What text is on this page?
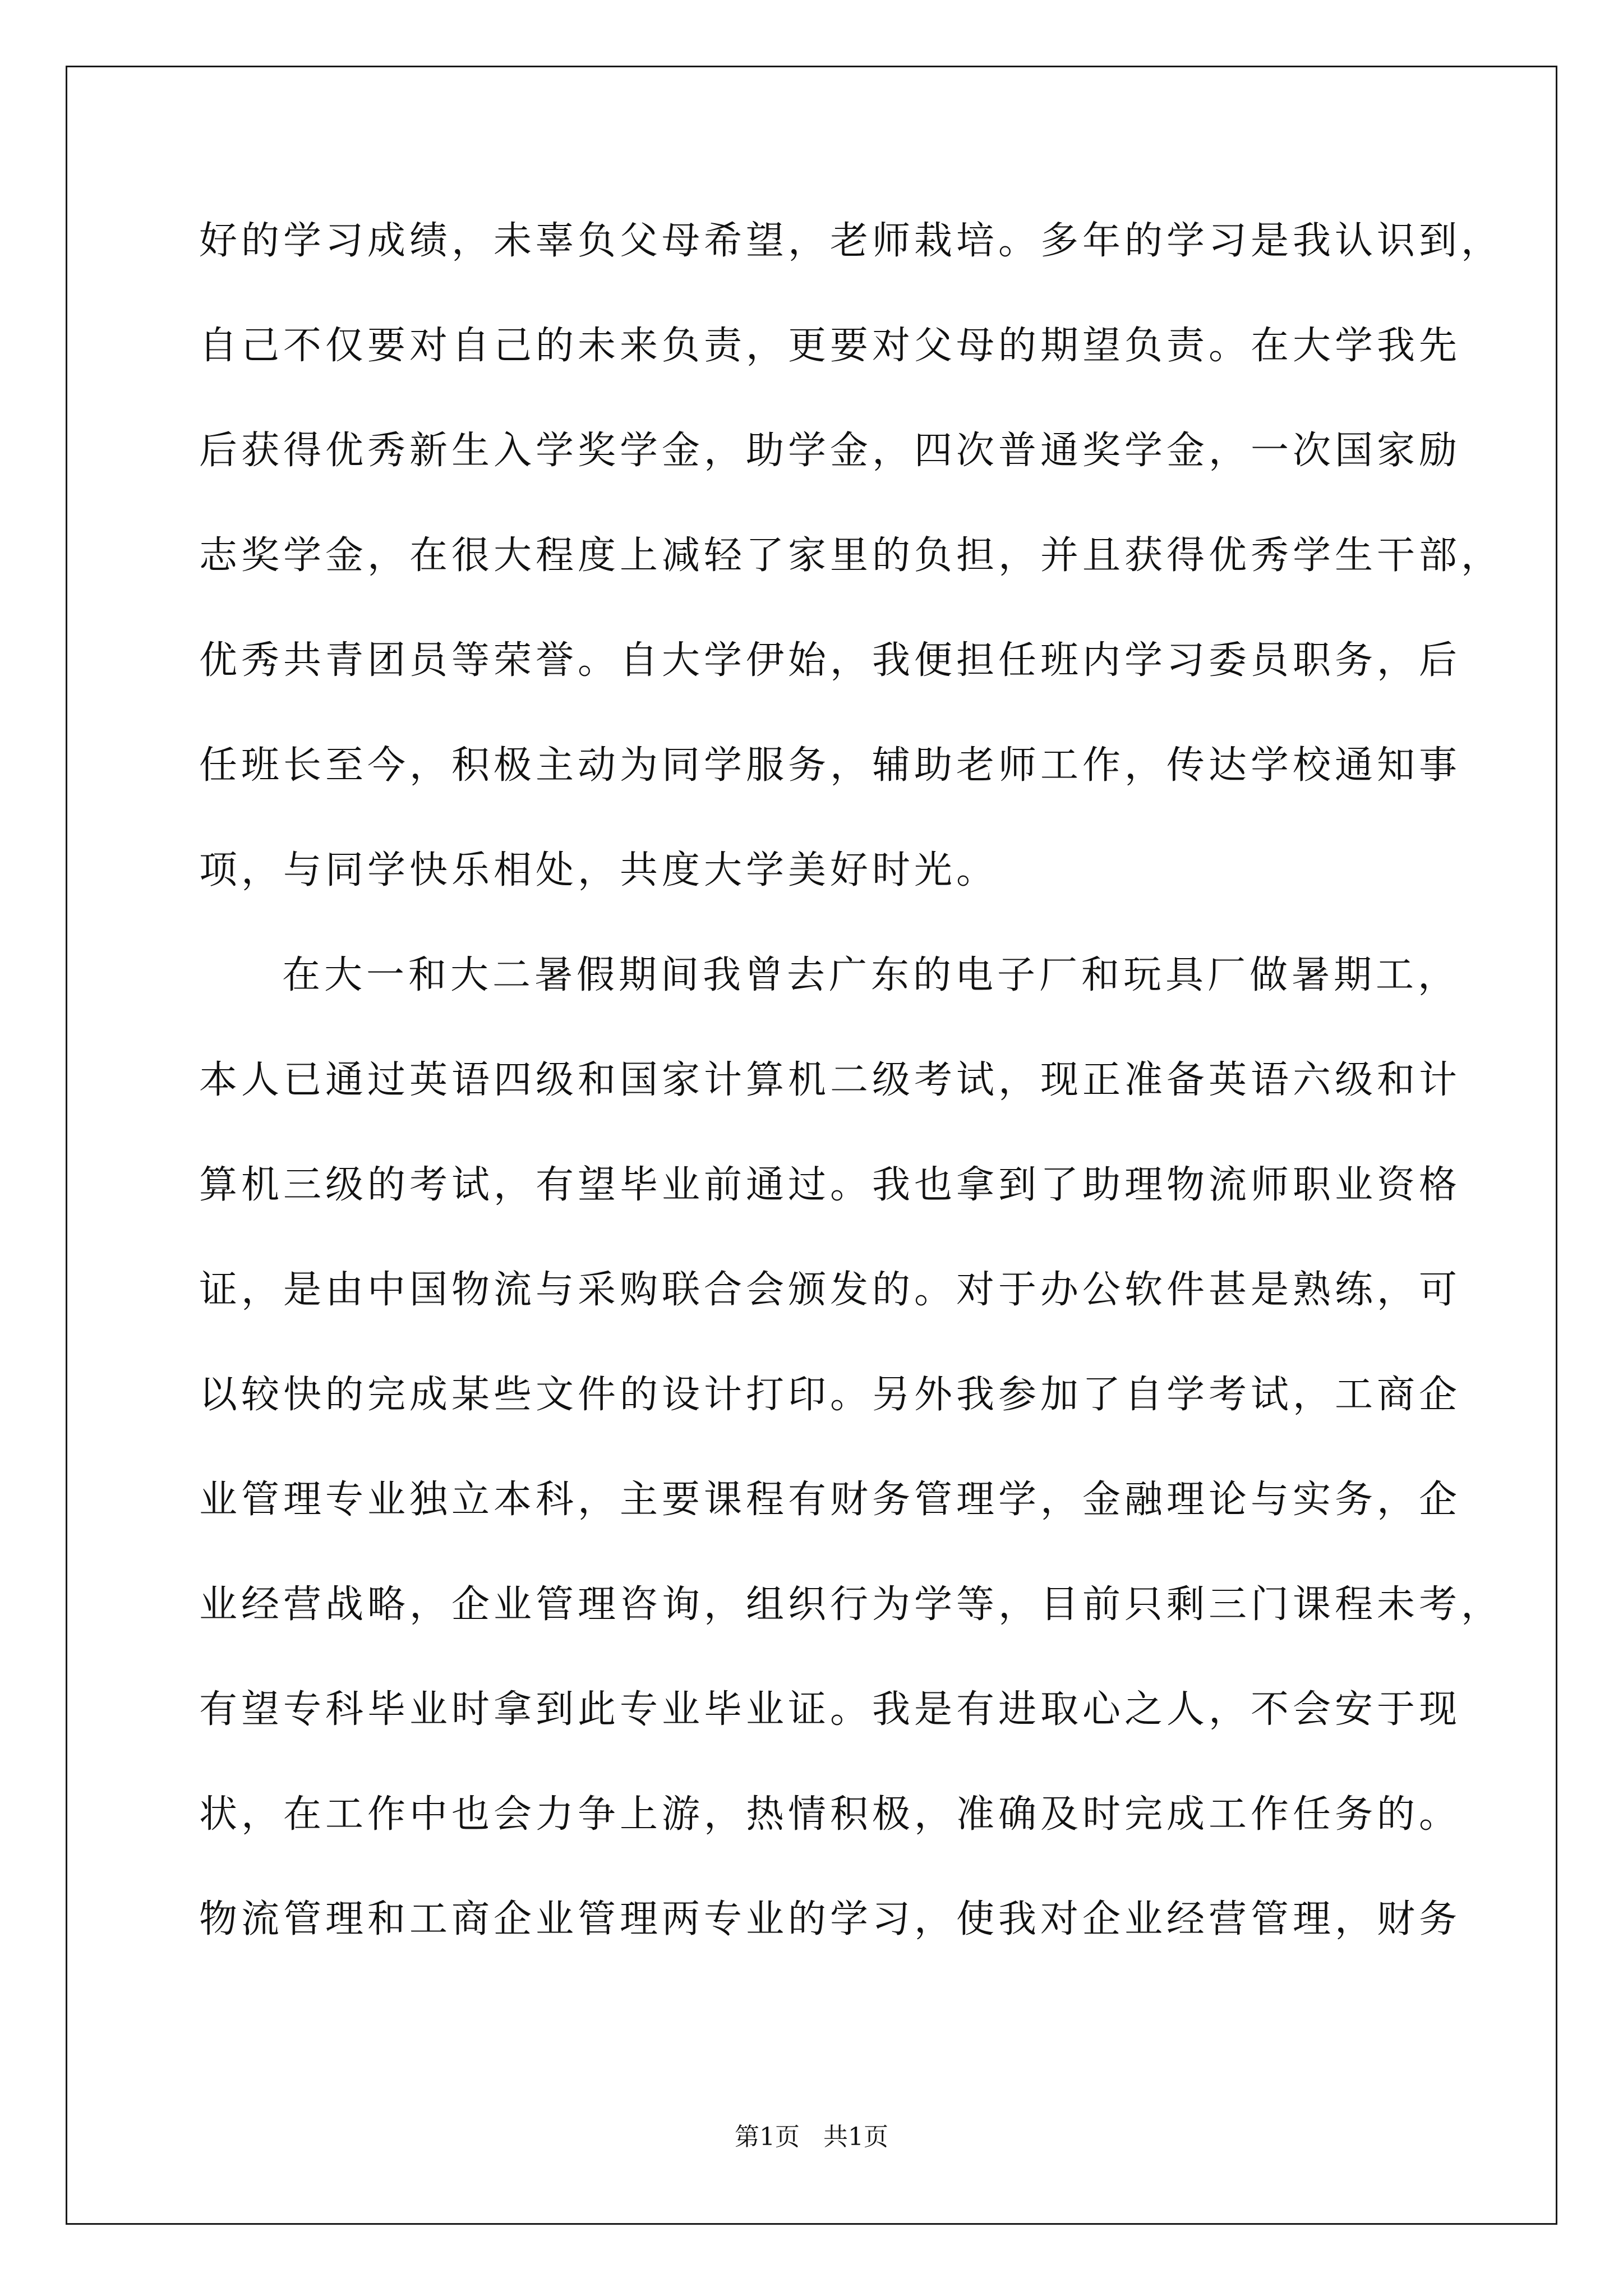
好的学习成绩，未辜负父母希望，老师栽培。多年的学习是我认识到，
自己不仅要对自己的未来负责，更要对父母的期望负责。在大学我先
后获得优秀新生入学奖学金，助学金，四次普通奖学金，一次国家励
志奖学金，在很大程度上减轻了家里的负担，并且获得优秀学生干部，
优秀共青团员等荣誉。自大学伊始，我便担任班内学习委员职务，后
任班长至今，积极主动为同学服务，辅助老师工作，传达学校通知事
项，与同学快乐相处，共度大学美好时光。
在大一和大二暑假期间我曾去广东的电子厂和玩具厂做暑期工，
本人已通过英语四级和国家计算机二级考试，现正准备英语六级和计
算机三级的考试，有望毕业前通过。我也拿到了助理物流师职业资格
证，是由中国物流与采购联合会颁发的。对于办公软件甚是熟练，可
以较快的完成某些文件的设计打印。另外我参加了自学考试，工商企
业管理专业独立本科，主要课程有财务管理学，金融理论与实务，企
业经营战略，企业管理咨询，组织行为学等，目前只剩三门课程未考，
有望专科毕业时拿到此专业毕业证。我是有进取心之人，不会安于现
状，在工作中也会力争上游，热情积极，准确及时完成工作任务的。
物流管理和工商企业管理两专业的学习，使我对企业经营管理，财务
第1页   共1页
